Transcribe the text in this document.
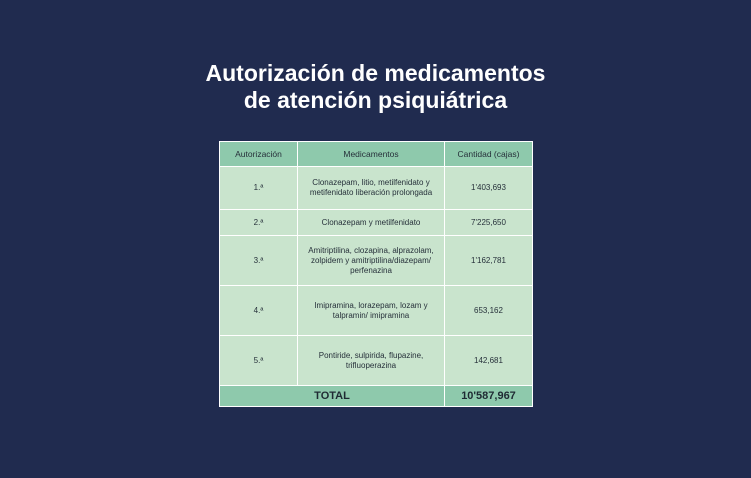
Autorización de medicamentos
de atención psiquiátrica
Autorización	Medicamentos	Cantidad (cajas)
1.ª	Clonazepam, litio, metilfenidato y metifenidato liberación prolongada	1'403,693
2.ª	Clonazepam y metilfenidato	7'225,650
3.ª	Amitriptilina, clozapina, alprazolam, zolpidem y amitriptilina/diazepam/ perfenazina	1'162,781
4.ª	Imipramina, lorazepam, lozam y talpramin/ imipramina	653,162
5.ª	Pontiride, sulpirida, flupazine, trifluoperazina	142,681
TOTAL		10'587,967
